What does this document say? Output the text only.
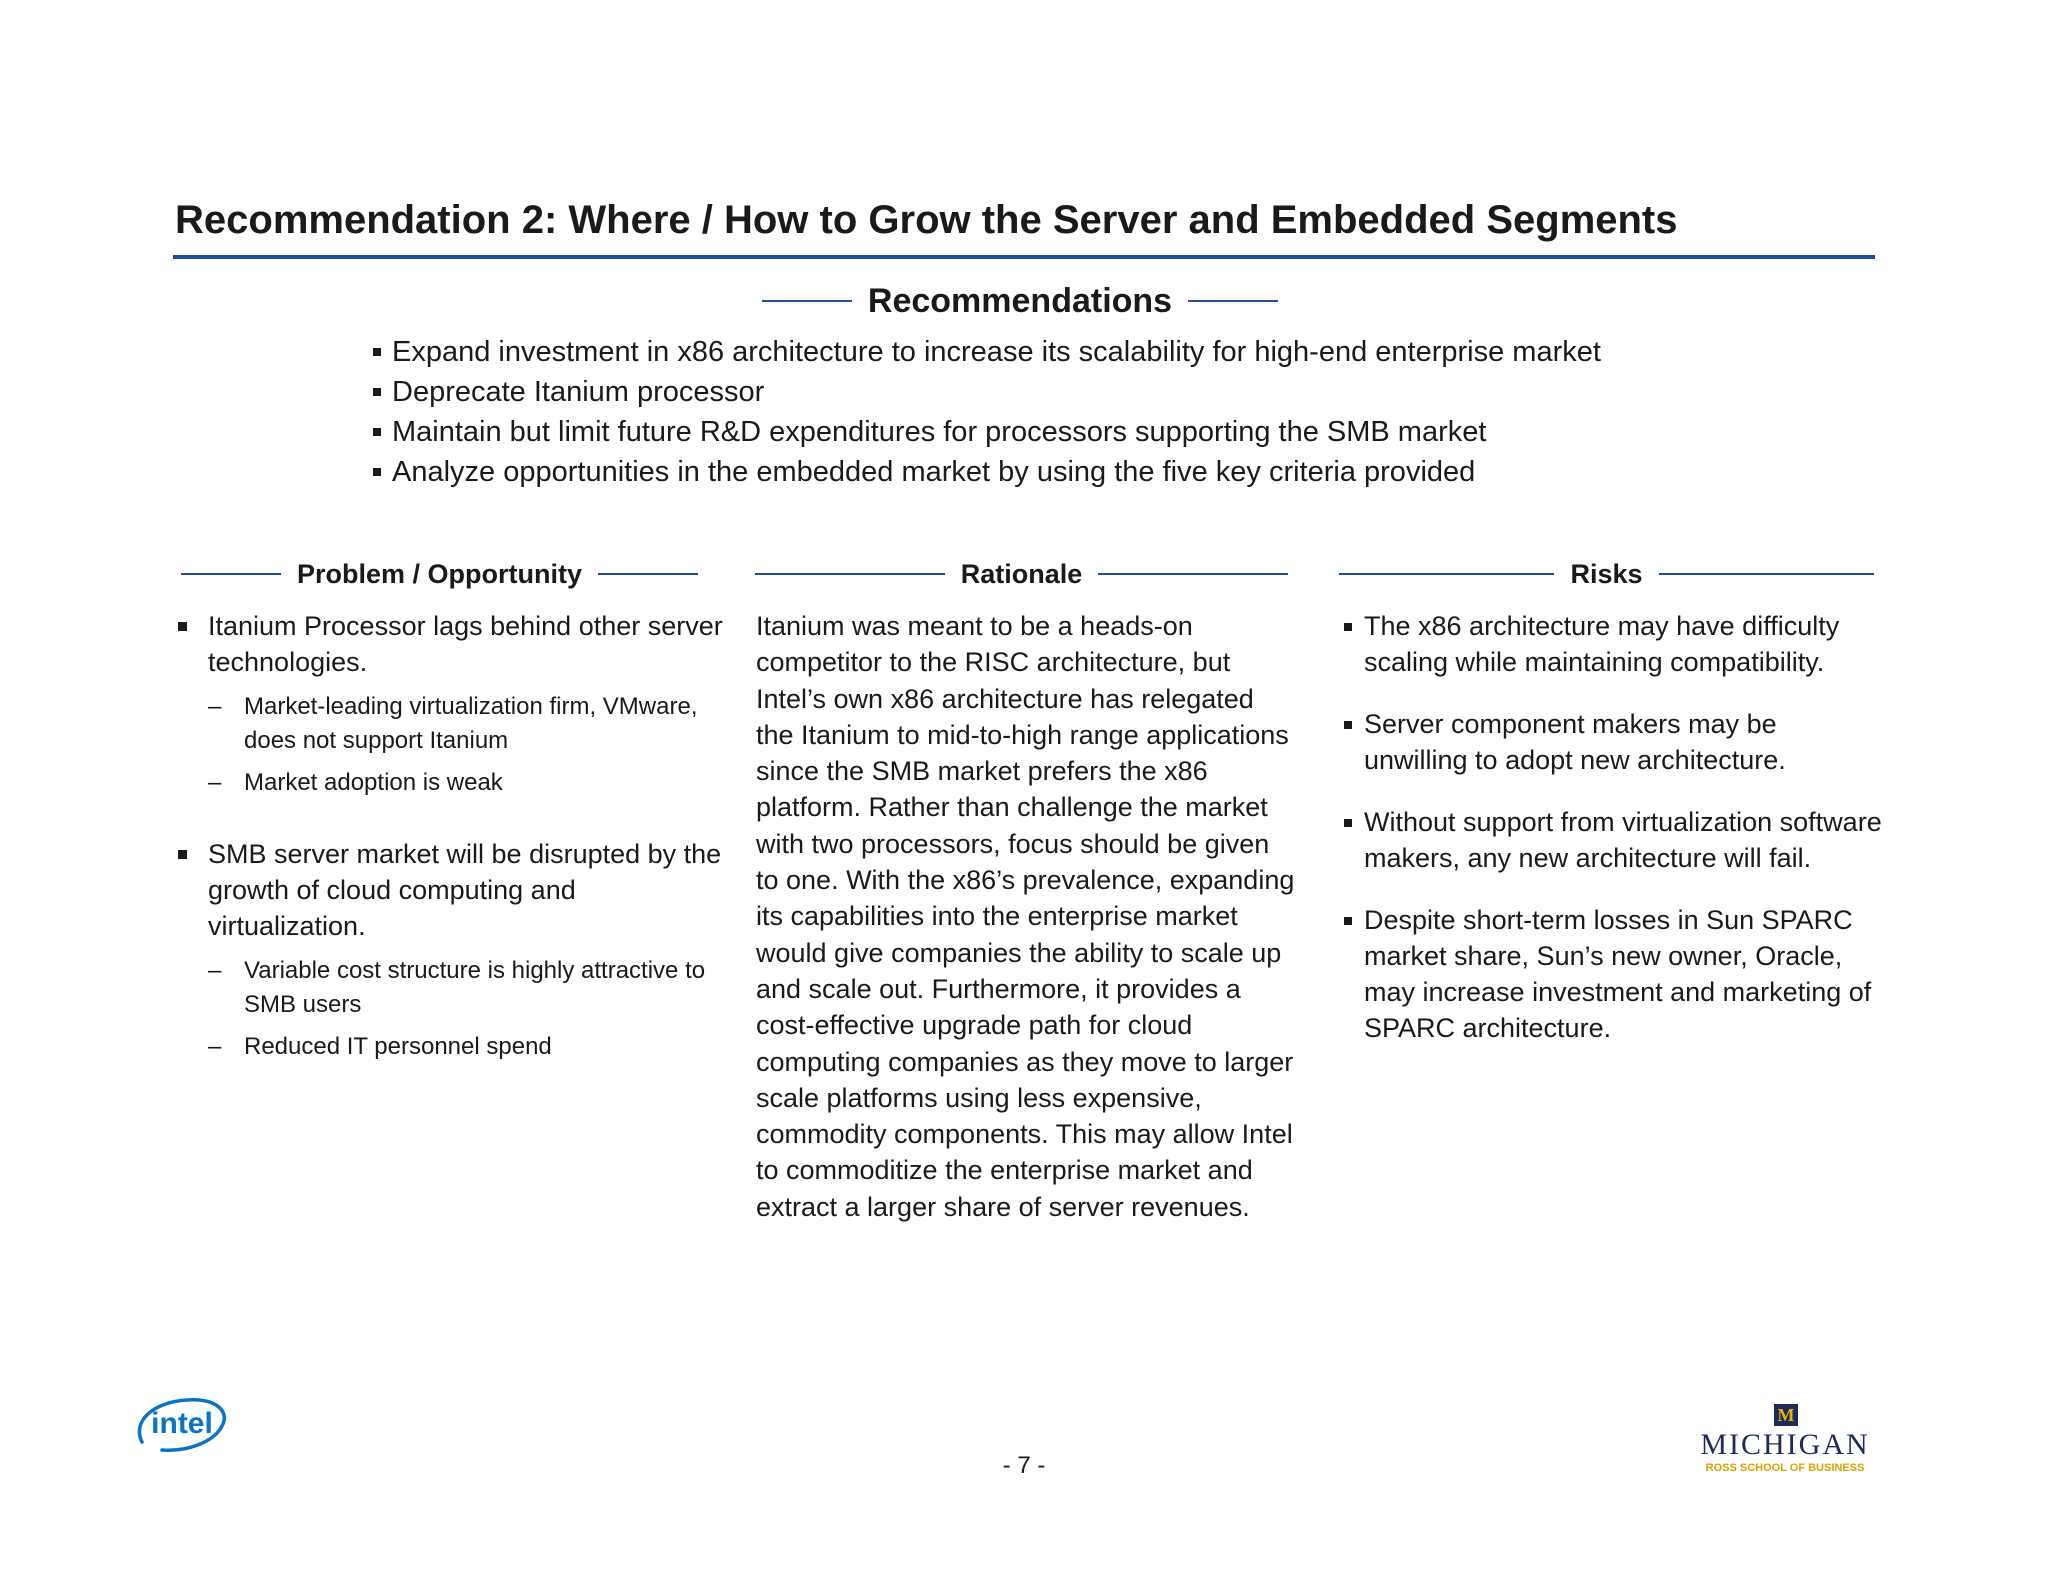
Recommendation 2: Where / How to Grow the Server and Embedded Segments
Recommendations
Expand investment in x86 architecture to increase its scalability for high-end enterprise market
Deprecate Itanium processor
Maintain but limit future R&D expenditures for processors supporting the SMB market
Analyze opportunities in the embedded market by using the five key criteria provided
Problem / Opportunity	Rationale	Risks
Itanium Processor lags behind other server technologies.
– Market-leading virtualization firm, VMware, does not support Itanium
– Market adoption is weak
SMB server market will be disrupted by the growth of cloud computing and virtualization.
– Variable cost structure is highly attractive to SMB users
– Reduced IT personnel spend
Itanium was meant to be a heads-on competitor to the RISC architecture, but Intel’s own x86 architecture has relegated the Itanium to mid-to-high range applications since the SMB market prefers the x86 platform. Rather than challenge the market with two processors, focus should be given to one. With the x86’s prevalence, expanding its capabilities into the enterprise market would give companies the ability to scale up and scale out. Furthermore, it provides a cost-effective upgrade path for cloud computing companies as they move to larger scale platforms using less expensive, commodity components. This may allow Intel to commoditize the enterprise market and extract a larger share of server revenues.
The x86 architecture may have difficulty scaling while maintaining compatibility.
Server component makers may be unwilling to adopt new architecture.
Without support from virtualization software makers, any new architecture will fail.
Despite short-term losses in Sun SPARC market share, Sun’s new owner, Oracle, may increase investment and marketing of SPARC architecture.
intel
- 7 -
M
MICHIGAN
ROSS SCHOOL OF BUSINESS
